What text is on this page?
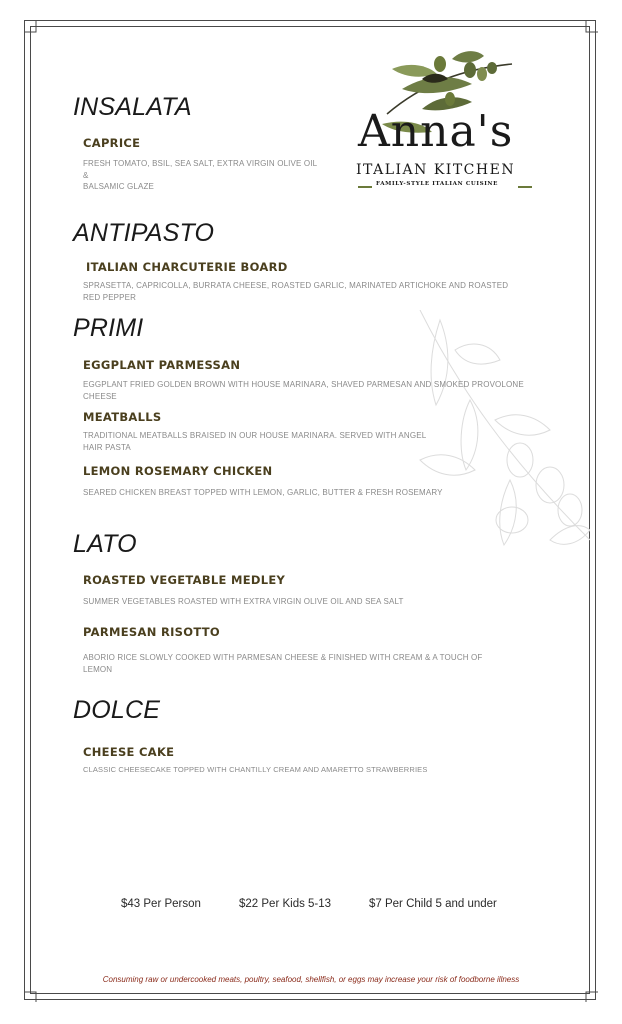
Anna's
ITALIAN KITCHEN
FAMILY-STYLE ITALIAN CUISINE
INSALATA
CAPRICE
FRESH TOMATO, BSIL, SEA SALT, EXTRA VIRGIN OLIVE OIL &
BALSAMIC GLAZE
ANTIPASTO
ITALIAN CHARCUTERIE BOARD
SPRASETTA, CAPRICOLLA, BURRATA CHEESE, ROASTED GARLIC, MARINATED ARTICHOKE AND ROASTED
RED PEPPER
PRIMI
EGGPLANT PARMESSAN
EGGPLANT FRIED GOLDEN BROWN WITH HOUSE MARINARA, SHAVED PARMESAN AND SMOKED PROVOLONE
CHEESE
MEATBALLS
TRADITIONAL MEATBALLS BRAISED IN OUR HOUSE MARINARA. SERVED WITH ANGEL
HAIR PASTA
LEMON ROSEMARY CHICKEN
SEARED CHICKEN BREAST TOPPED WITH LEMON, GARLIC, BUTTER & FRESH ROSEMARY
LATO
ROASTED VEGETABLE MEDLEY
SUMMER VEGETABLES ROASTED WITH EXTRA VIRGIN OLIVE OIL AND SEA SALT
PARMESAN RISOTTO
ABORIO RICE SLOWLY COOKED WITH PARMESAN CHEESE & FINISHED WITH CREAM & A TOUCH OF
LEMON
DOLCE
CHEESE CAKE
CLASSIC CHEESECAKE TOPPED WITH CHANTILLY CREAM AND AMARETTO STRAWBERRIES
$43 Per Person	$22 Per Kids 5-13	$7 Per Child 5 and under
Consuming raw or undercooked meats, poultry, seafood, shellfish, or eggs may increase your risk of foodborne illness
